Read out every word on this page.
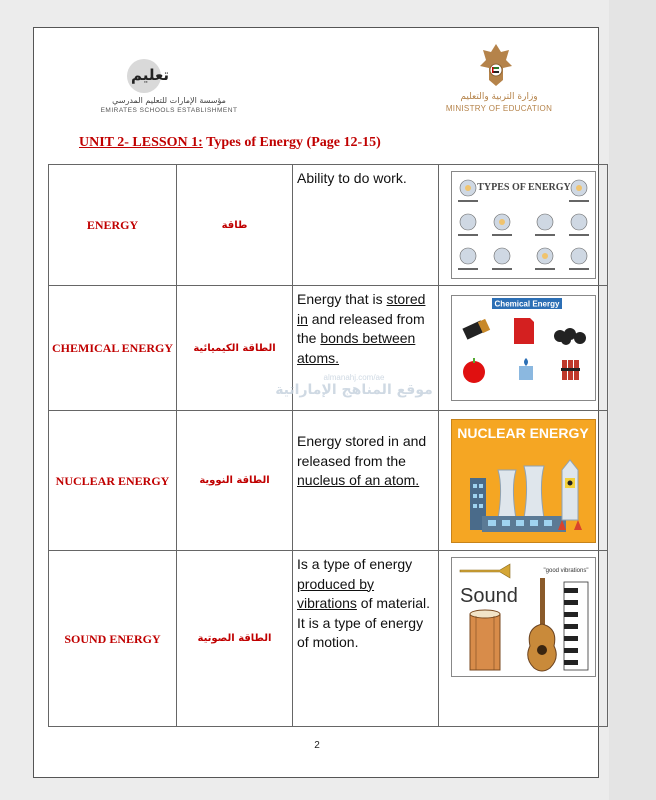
تعليم
مؤسسة الإمارات للتعليم المدرسي
EMIRATES SCHOOLS ESTABLISHMENT
وزارة التربية والتعليم
MINISTRY OF EDUCATION
UNIT 2- LESSON 1: Types of Energy (Page 12-15)
ENERGY	طاقة	Ability to do work.	TYPES OF ENERGY

CHEMICAL ENERGY	الطاقة الكيميائية	Energy that is stored in and released from the bonds between atoms.	Chemical Energy

NUCLEAR ENERGY	الطاقة النووية	Energy stored in and released from the nucleus of an atom.	NUCLEAR ENERGY

SOUND ENERGY	الطاقة الصوتية	Is a type of energy produced by vibrations of material. It is a type of energy of motion.	"good vibrations"
Sound
almanahj.com/ae
موقع المناهج الإماراتية
2
